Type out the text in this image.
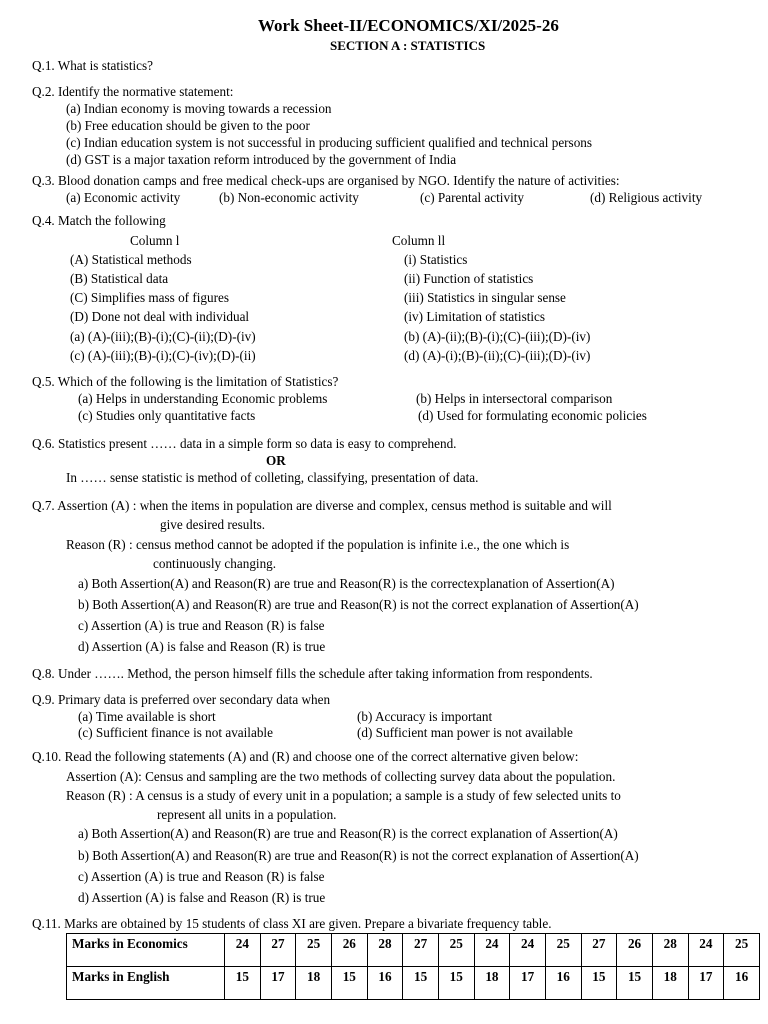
Work Sheet-II/ECONOMICS/XI/2025-26
SECTION A : STATISTICS
Q.1. What is statistics?
Q.2. Identify the normative statement:
(a) Indian economy is moving towards a recession
(b) Free education should be given to the poor
(c) Indian education system is not successful in producing sufficient qualified and technical persons
(d) GST is a major taxation reform introduced by the government of India
Q.3. Blood donation camps and free medical check-ups are organised by NGO. Identify the nature of activities:
(a) Economic activity	(b) Non-economic activity	(c) Parental activity	(d) Religious activity
Q.4. Match the following
Column l	Column ll
(A) Statistical methods	(i) Statistics
(B) Statistical data	(ii) Function of statistics
(C) Simplifies mass of figures	(iii) Statistics in singular sense
(D) Done not deal with individual	(iv) Limitation of statistics
(a) (A)-(iii);(B)-(i);(C)-(ii);(D)-(iv)	(b) (A)-(ii);(B)-(i);(C)-(iii);(D)-(iv)
(c) (A)-(iii);(B)-(i);(C)-(iv);(D)-(ii)	(d) (A)-(i);(B)-(ii);(C)-(iii);(D)-(iv)
Q.5. Which of the following is the limitation of Statistics?
(a) Helps in understanding Economic problems	(b) Helps in intersectoral comparison
(c) Studies only quantitative facts	(d) Used for formulating economic policies
Q.6. Statistics present …… data in a simple form so data is easy to comprehend.
OR
In …… sense statistic is method of colleting, classifying, presentation of data.
Q.7. Assertion (A) : when the items in population are diverse and complex, census method is suitable and will
give desired results.
Reason (R) : census method cannot be adopted if the population is infinite i.e., the one which is
continuously changing.
a) Both Assertion(A) and Reason(R) are true and Reason(R) is the correctexplanation of Assertion(A)
b) Both Assertion(A) and Reason(R) are true and Reason(R) is not the correct explanation of Assertion(A)
c) Assertion (A) is true and Reason (R) is false
d) Assertion (A) is false and Reason (R) is true
Q.8. Under ……. Method, the person himself fills the schedule after taking information from respondents.
Q.9. Primary data is preferred over secondary data when
(a) Time available is short	(b) Accuracy is important
(c) Sufficient finance is not available	(d) Sufficient man power is not available
Q.10. Read the following statements (A) and (R) and choose one of the correct alternative given below:
Assertion (A): Census and sampling are the two methods of collecting survey data about the population.
Reason (R) : A census is a study of every unit in a population; a sample is a study of few selected units to
represent all units in a population.
a) Both Assertion(A) and Reason(R) are true and Reason(R) is the correct explanation of Assertion(A)
b) Both Assertion(A) and Reason(R) are true and Reason(R) is not the correct explanation of Assertion(A)
c) Assertion (A) is true and Reason (R) is false
d) Assertion (A) is false and Reason (R) is true
Q.11. Marks are obtained by 15 students of class XI are given. Prepare a bivariate frequency table.
Marks in Economics	24	27	25	26	28	27	25	24	24	25	27	26	28	24	25
Marks in English	15	17	18	15	16	15	15	18	17	16	15	15	18	17	16
